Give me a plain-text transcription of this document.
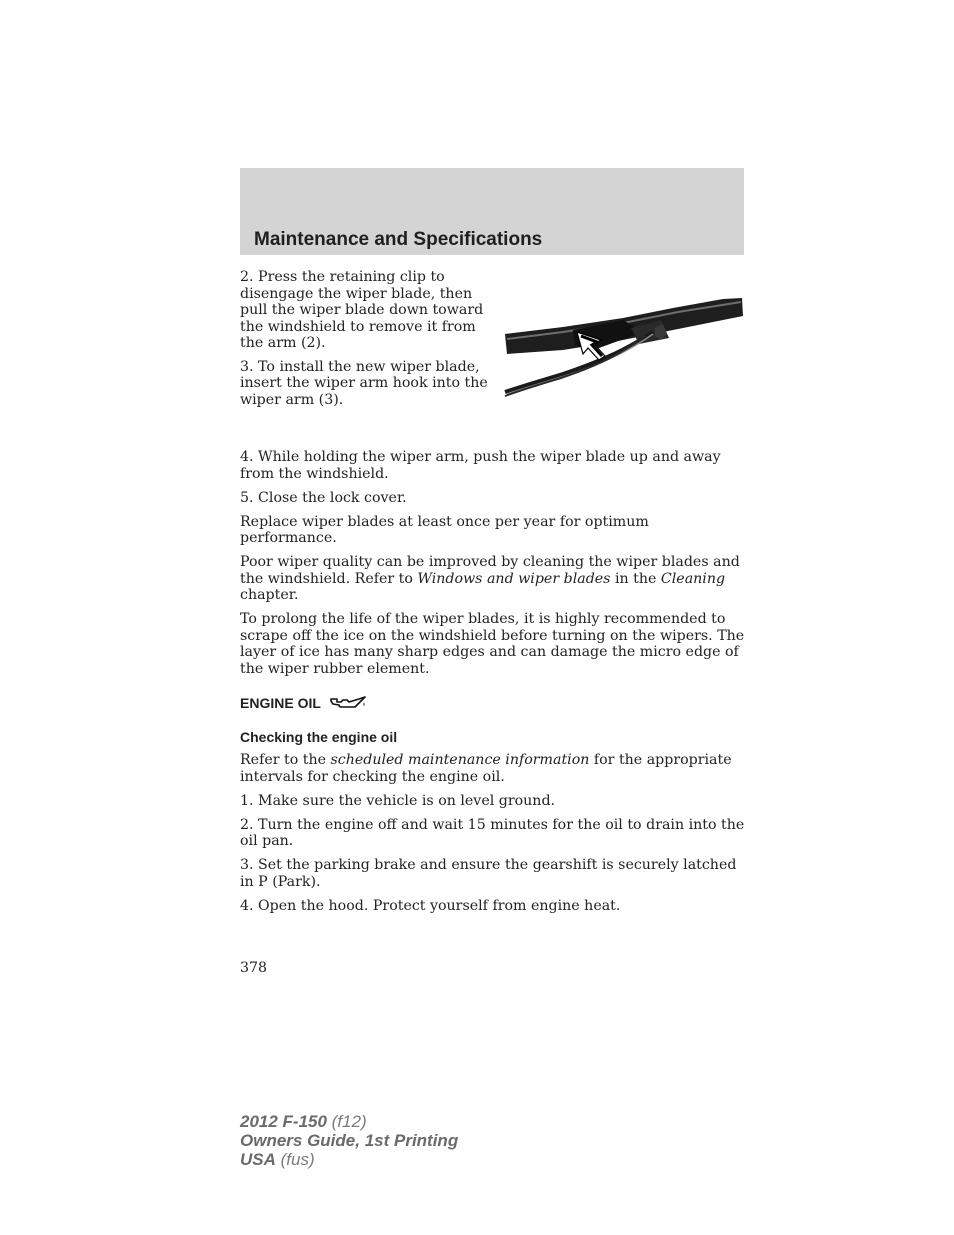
Maintenance and Specifications

2. Press the retaining clip to disengage the wiper blade, then pull the wiper blade down toward the windshield to remove it from the arm (2).

3. To install the new wiper blade, insert the wiper arm hook into the wiper arm (3).

4. While holding the wiper arm, push the wiper blade up and away from the windshield.

5. Close the lock cover.

Replace wiper blades at least once per year for optimum performance.

Poor wiper quality can be improved by cleaning the wiper blades and the windshield. Refer to Windows and wiper blades in the Cleaning chapter.

To prolong the life of the wiper blades, it is highly recommended to scrape off the ice on the windshield before turning on the wipers. The layer of ice has many sharp edges and can damage the micro edge of the wiper rubber element.

ENGINE OIL
Checking the engine oil

Refer to the scheduled maintenance information for the appropriate intervals for checking the engine oil.

1. Make sure the vehicle is on level ground.

2. Turn the engine off and wait 15 minutes for the oil to drain into the oil pan.

3. Set the parking brake and ensure the gearshift is securely latched in P (Park).

4. Open the hood. Protect yourself from engine heat.

378
2012 F-150 (f12)
Owners Guide, 1st Printing
USA (fus)
